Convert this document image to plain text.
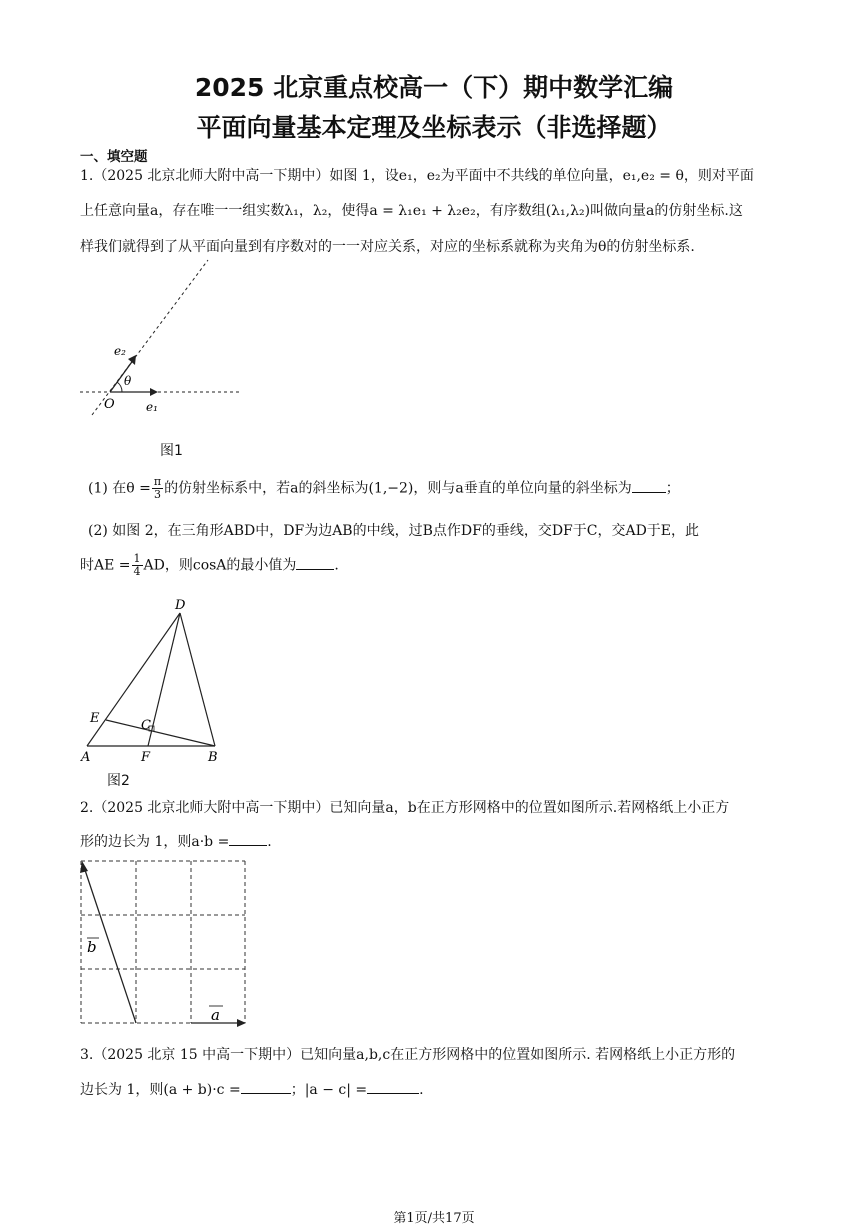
2025 北京重点校高一（下）期中数学汇编
平面向量基本定理及坐标表示（非选择题）
一、填空题
1.（2025 北京北师大附中高一下期中）如图 1，设e₁，e₂为平面中不共线的单位向量，e₁,e₂ = θ，则对平面
上任意向量a，存在唯一一组实数λ₁，λ₂，使得a = λ₁e₁ + λ₂e₂，有序数组(λ₁,λ₂)叫做向量a的仿射坐标.这
样我们就得到了从平面向量到有序数对的一一对应关系，对应的坐标系就称为夹角为θ的仿射坐标系.
O
θ
e₁
e₂
图1
(1) 在$\theta = \frac{\pi}{3}$ 的仿射坐标系中，若a的斜坐标为(1,−2)，则与a垂直的单位向量的斜坐标为 ；
(2) 如图 2，在三角形ABD中，DF为边AB的中线，过B点作DF的垂线，交DF于C，交AD于E，此
时AE = $\frac{1}{4}$ AD，则cosA的最小值为	.
D
E	C
A	F	B
图2
2.（2025 北京北师大附中高一下期中）已知向量a，b在正方形网格中的位置如图所示.若网格纸上小正方
形的边长为 1，则a·b =	.
b
a
3.（2025 北京 15 中高一下期中）已知向量a,b,c在正方形网格中的位置如图所示. 若网格纸上小正方形的
边长为 1，则(a + b)·c =	；|a − c| =	.
第1页/共17页
